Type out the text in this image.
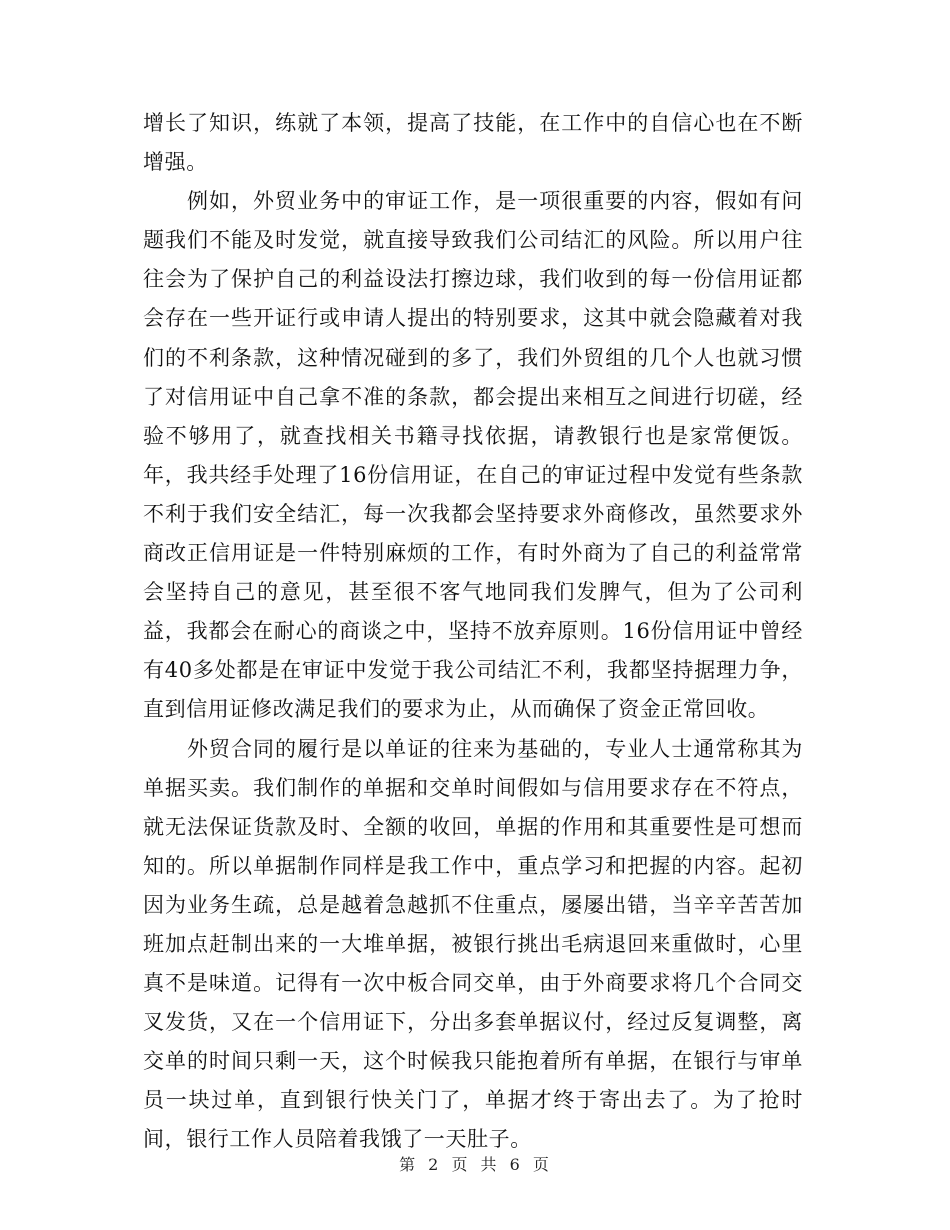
增长了知识，练就了本领，提高了技能，在工作中的自信心也在不断增强。

例如，外贸业务中的审证工作，是一项很重要的内容，假如有问题我们不能及时发觉，就直接导致我们公司结汇的风险。所以用户往往会为了保护自己的利益设法打擦边球，我们收到的每一份信用证都会存在一些开证行或申请人提出的特别要求，这其中就会隐藏着对我们的不利条款，这种情况碰到的多了，我们外贸组的几个人也就习惯了对信用证中自己拿不准的条款，都会提出来相互之间进行切磋，经验不够用了，就查找相关书籍寻找依据，请教银行也是家常便饭。年，我共经手处理了16份信用证，在自己的审证过程中发觉有些条款不利于我们安全结汇，每一次我都会坚持要求外商修改，虽然要求外商改正信用证是一件特别麻烦的工作，有时外商为了自己的利益常常会坚持自己的意见，甚至很不客气地同我们发脾气，但为了公司利益，我都会在耐心的商谈之中，坚持不放弃原则。16份信用证中曾经有40多处都是在审证中发觉于我公司结汇不利，我都坚持据理力争，直到信用证修改满足我们的要求为止，从而确保了资金正常回收。

外贸合同的履行是以单证的往来为基础的，专业人士通常称其为单据买卖。我们制作的单据和交单时间假如与信用要求存在不符点，就无法保证货款及时、全额的收回，单据的作用和其重要性是可想而知的。所以单据制作同样是我工作中，重点学习和把握的内容。起初因为业务生疏，总是越着急越抓不住重点，屡屡出错，当辛辛苦苦加班加点赶制出来的一大堆单据，被银行挑出毛病退回来重做时，心里真不是味道。记得有一次中板合同交单，由于外商要求将几个合同交叉发货，又在一个信用证下，分出多套单据议付，经过反复调整，离交单的时间只剩一天，这个时候我只能抱着所有单据，在银行与审单员一块过单，直到银行快关门了，单据才终于寄出去了。为了抢时间，银行工作人员陪着我饿了一天肚子。

第 2 页 共 6 页
